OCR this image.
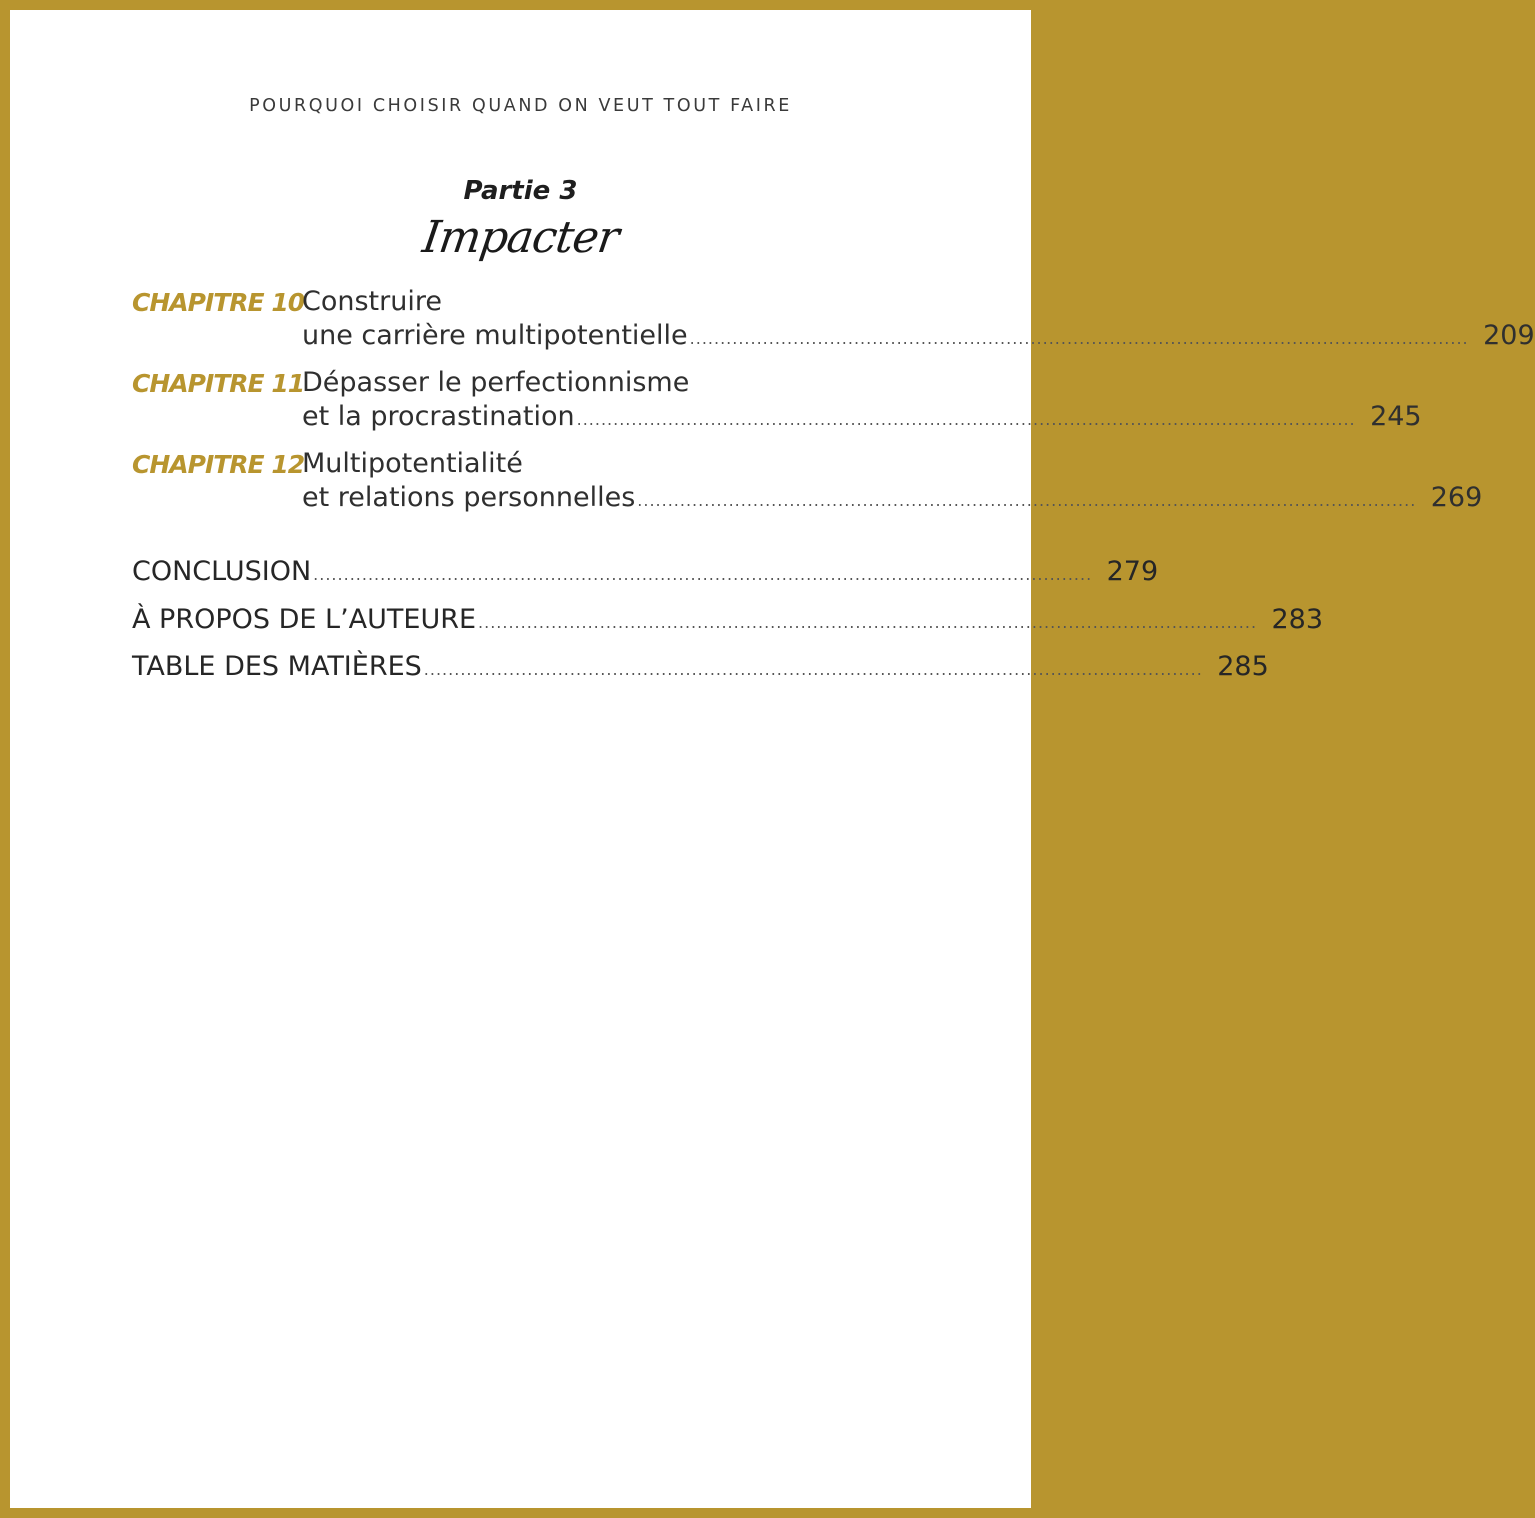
POURQUOI CHOISIR QUAND ON VEUT TOUT FAIRE
Partie 3
Impacter
CHAPITRE 10
Construire
une carrière multipotentielle ................................................................................................................................ 209
CHAPITRE 11
Dépasser le perfectionnisme
et la procrastination ................................................................................................................................ 245
CHAPITRE 12
Multipotentialité
et relations personnelles ................................................................................................................................ 269
CONCLUSION ................................................................................................................................ 279
À PROPOS DE L’AUTEURE ................................................................................................................................ 283
TABLE DES MATIÈRES ................................................................................................................................ 285
